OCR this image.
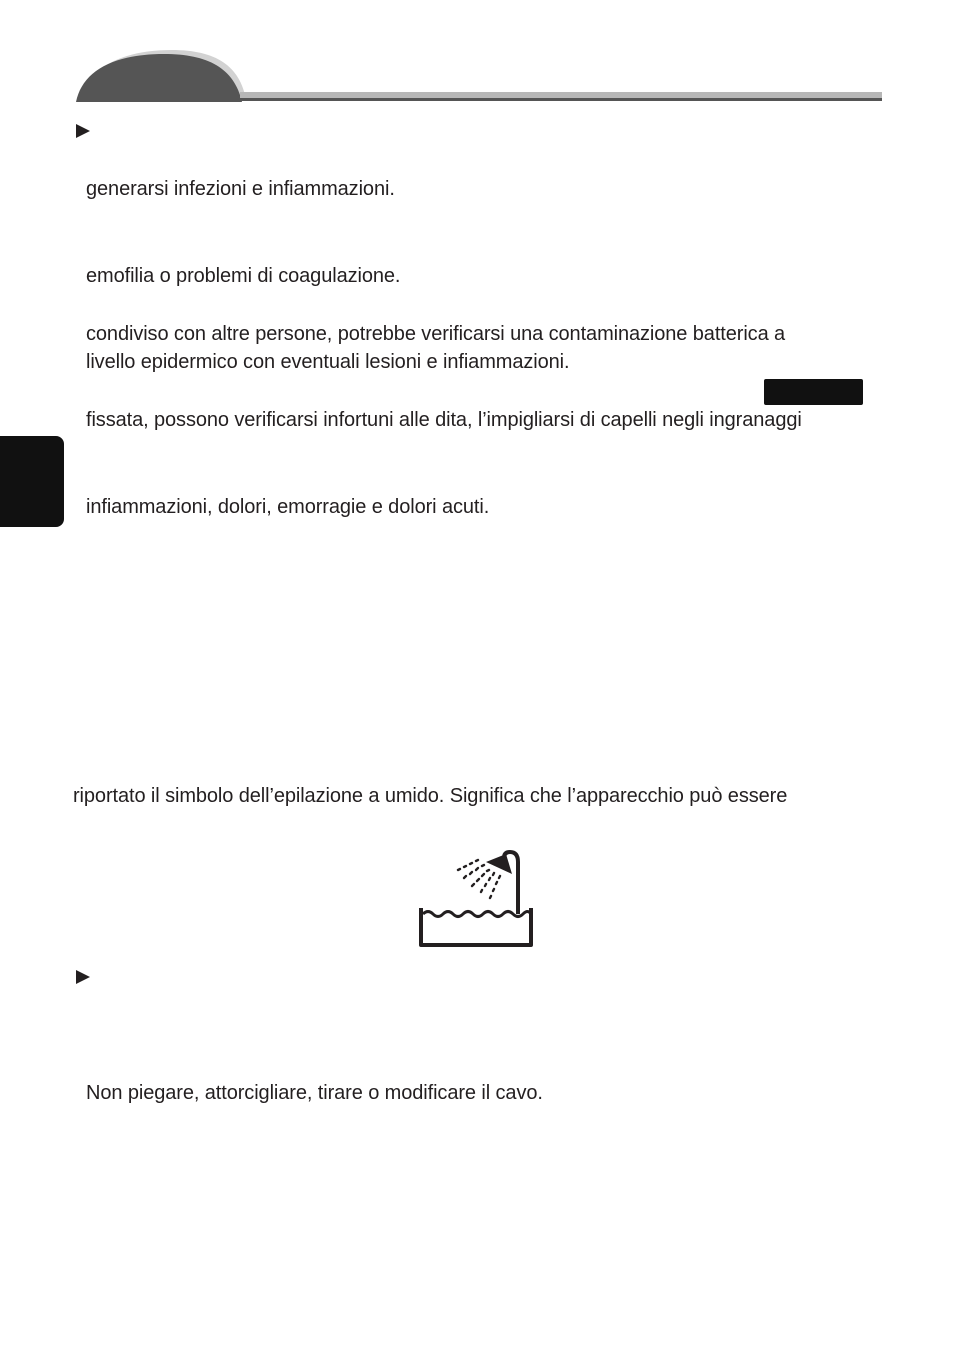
generarsi infezioni e infiammazioni.
emofilia o problemi di coagulazione.
condiviso con altre persone, potrebbe verificarsi una contaminazione batterica a
livello epidermico con eventuali lesioni e infiammazioni.
fissata, possono verificarsi infortuni alle dita, l’impigliarsi di capelli negli ingranaggi
infiammazioni, dolori, emorragie e dolori acuti.
riportato il simbolo dell’epilazione a umido. Significa che l’apparecchio può essere
Non piegare, attorcigliare, tirare o modificare il cavo.
